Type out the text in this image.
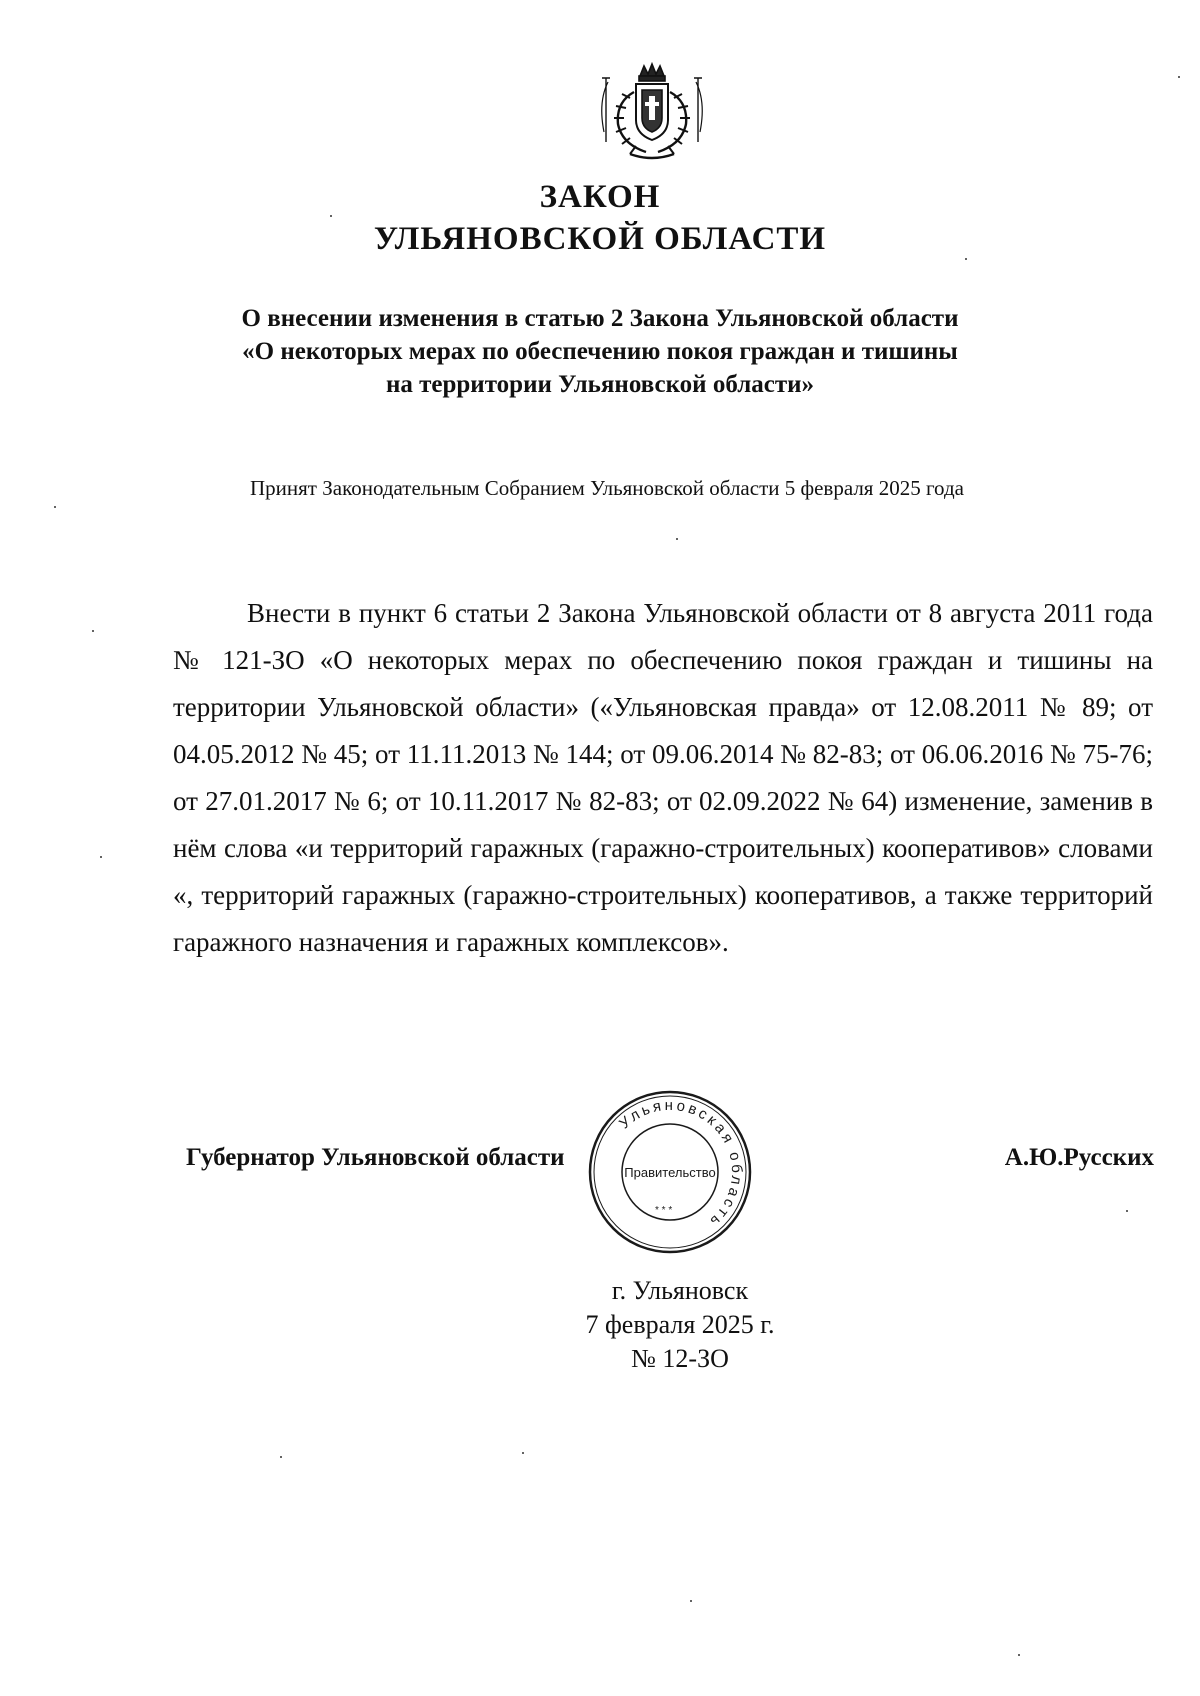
ЗАКОН
УЛЬЯНОВСКОЙ ОБЛАСТИ
О внесении изменения в статью 2 Закона Ульяновской области
«О некоторых мерах по обеспечению покоя граждан и тишины
на территории Ульяновской области»
Принят Законодательным Собранием Ульяновской области 5 февраля 2025 года

Внести в пункт 6 статьи 2 Закона Ульяновской области от 8 августа 2011 года № 121-ЗО «О некоторых мерах по обеспечению покоя граждан и тишины на территории Ульяновской области» («Ульяновская правда» от 12.08.2011 № 89; от 04.05.2012 № 45; от 11.11.2013 № 144; от 09.06.2014 № 82-83; от 06.06.2016 № 75-76; от 27.01.2017 № 6; от 10.11.2017 № 82-83; от 02.09.2022 № 64) изменение, заменив в нём слова «и территорий гаражных (гаражно-строительных) кооперативов» словами «, территорий гаражных (гаражно-строительных) кооперативов, а также территорий гаражного назначения и гаражных комплексов».

Губернатор Ульяновской области	А.Ю.Русских
Ульяновская область
Правительство
* * *
г. Ульяновск
7 февраля 2025 г.
№ 12-ЗО
